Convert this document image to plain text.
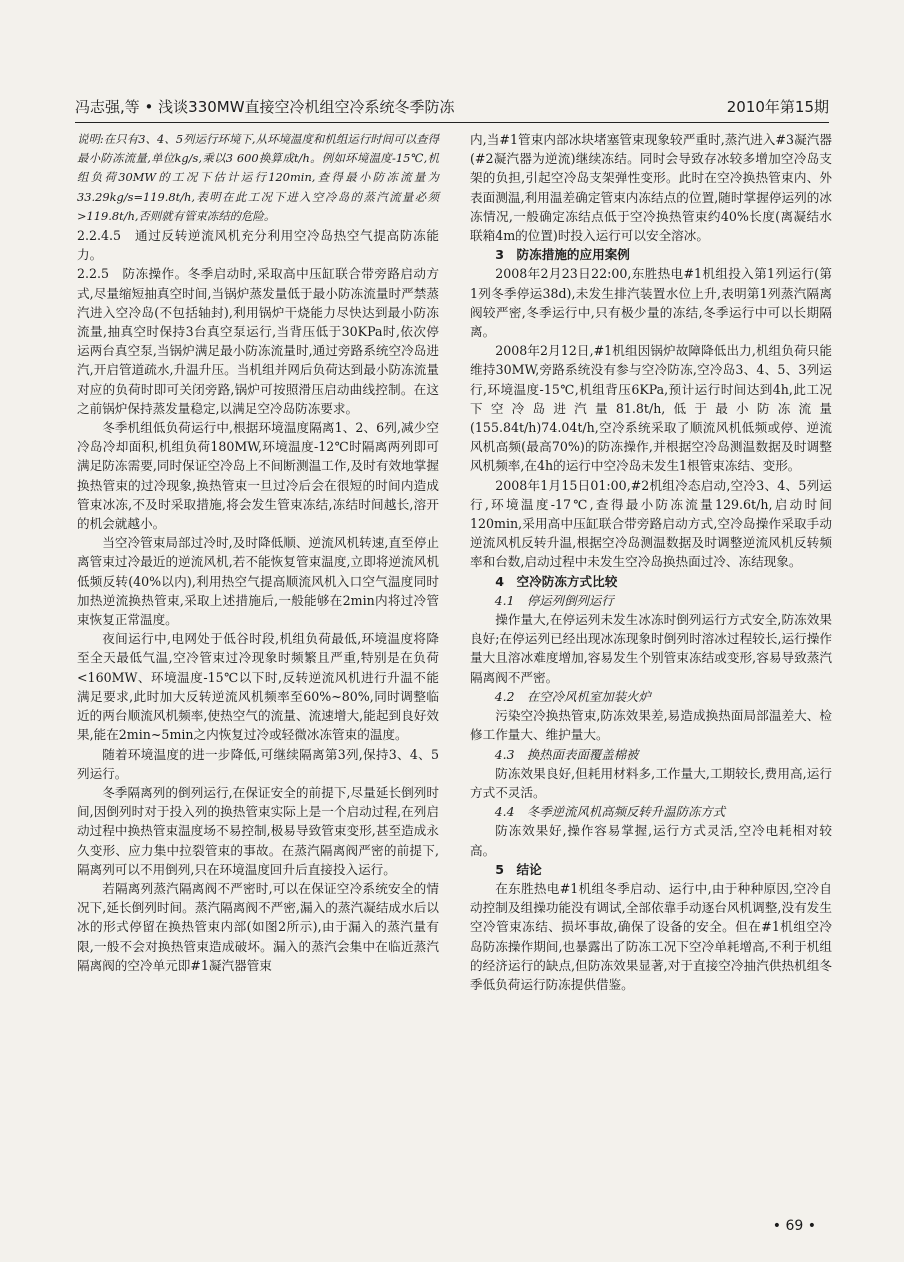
冯志强,等 • 浅谈330MW直接空冷机组空冷系统冬季防冻	2010年第15期

说明:在只有3、4、5列运行环境下,从环境温度和机组运行时间可以查得最小防冻流量,单位kg/s,乘以3 600换算成t/h。例如环境温度-15℃,机组负荷30MW的工况下估计运行120min,查得最小防冻流量为33.29kg/s=119.8t/h,表明在此工况下进入空冷岛的蒸汽流量必须>119.8t/h,否则就有管束冻结的危险。

2.2.4.5　通过反转逆流风机充分利用空冷岛热空气提高防冻能力。

2.2.5　防冻操作。冬季启动时,采取高中压缸联合带旁路启动方式,尽量缩短抽真空时间,当锅炉蒸发量低于最小防冻流量时严禁蒸汽进入空冷岛(不包括轴封),利用锅炉干烧能力尽快达到最小防冻流量,抽真空时保持3台真空泵运行,当背压低于30KPa时,依次停运两台真空泵,当锅炉满足最小防冻流量时,通过旁路系统空冷岛进汽,开启管道疏水,升温升压。当机组并网后负荷达到最小防冻流量对应的负荷时即可关闭旁路,锅炉可按照滑压启动曲线控制。在这之前锅炉保持蒸发量稳定,以满足空冷岛防冻要求。

冬季机组低负荷运行中,根据环境温度隔离1、2、6列,减少空冷岛冷却面积,机组负荷180MW,环境温度-12℃时隔离两列即可满足防冻需要,同时保证空冷岛上不间断测温工作,及时有效地掌握换热管束的过冷现象,换热管束一旦过冷后会在很短的时间内造成管束冰冻,不及时采取措施,将会发生管束冻结,冻结时间越长,溶开的机会就越小。

当空冷管束局部过冷时,及时降低顺、逆流风机转速,直至停止离管束过冷最近的逆流风机,若不能恢复管束温度,立即将逆流风机低频反转(40%以内),利用热空气提高顺流风机入口空气温度同时加热逆流换热管束,采取上述措施后,一般能够在2min内将过冷管束恢复正常温度。

夜间运行中,电网处于低谷时段,机组负荷最低,环境温度将降至全天最低气温,空冷管束过冷现象时频繁且严重,特别是在负荷<160MW、环境温度-15℃以下时,反转逆流风机进行升温不能满足要求,此时加大反转逆流风机频率至60%~80%,同时调整临近的两台顺流风机频率,使热空气的流量、流速增大,能起到良好效果,能在2min~5min之内恢复过冷或轻微冰冻管束的温度。

随着环境温度的进一步降低,可继续隔离第3列,保持3、4、5列运行。

冬季隔离列的倒列运行,在保证安全的前提下,尽量延长倒列时间,因倒列时对于投入列的换热管束实际上是一个启动过程,在列启动过程中换热管束温度场不易控制,极易导致管束变形,甚至造成永久变形、应力集中拉裂管束的事故。在蒸汽隔离阀严密的前提下,隔离列可以不用倒列,只在环境温度回升后直接投入运行。

若隔离列蒸汽隔离阀不严密时,可以在保证空冷系统安全的情况下,延长倒列时间。蒸汽隔离阀不严密,漏入的蒸汽凝结成水后以冰的形式停留在换热管束内部(如图2所示),由于漏入的蒸汽量有限,一般不会对换热管束造成破坏。漏入的蒸汽会集中在临近蒸汽隔离阀的空冷单元即#1凝汽器管束

内,当#1管束内部冰块堵塞管束现象较严重时,蒸汽进入#3凝汽器(#2凝汽器为逆流)继续冻结。同时会导致存冰较多增加空冷岛支架的负担,引起空冷岛支架弹性变形。此时在空冷换热管束内、外表面测温,利用温差确定管束内冻结点的位置,随时掌握停运列的冰冻情况,一般确定冻结点低于空冷换热管束约40%长度(离凝结水联箱4m的位置)时投入运行可以安全溶冰。

3　防冻措施的应用案例

2008年2月23日22:00,东胜热电#1机组投入第1列运行(第1列冬季停运38d),未发生排汽装置水位上升,表明第1列蒸汽隔离阀较严密,冬季运行中,只有极少量的冻结,冬季运行中可以长期隔离。

2008年2月12日,#1机组因锅炉故障降低出力,机组负荷只能维持30MW,旁路系统没有参与空冷防冻,空冷岛3、4、5、3列运行,环境温度-15℃,机组背压6KPa,预计运行时间达到4h,此工况下空冷岛进汽量81.8t/h,低于最小防冻流量(155.84t/h)74.04t/h,空冷系统采取了顺流风机低频或停、逆流风机高频(最高70%)的防冻操作,并根据空冷岛测温数据及时调整风机频率,在4h的运行中空冷岛未发生1根管束冻结、变形。

2008年1月15日01:00,#2机组冷态启动,空冷3、4、5列运行,环境温度-17℃,查得最小防冻流量129.6t/h,启动时间120min,采用高中压缸联合带旁路启动方式,空冷岛操作采取手动逆流风机反转升温,根据空冷岛测温数据及时调整逆流风机反转频率和台数,启动过程中未发生空冷岛换热面过冷、冻结现象。

4　空冷防冻方式比较

4.1　停运列倒列运行

操作量大,在停运列未发生冰冻时倒列运行方式安全,防冻效果良好;在停运列已经出现冰冻现象时倒列时溶冰过程较长,运行操作量大且溶冰难度增加,容易发生个别管束冻结或变形,容易导致蒸汽隔离阀不严密。

4.2　在空冷风机室加装火炉

污染空冷换热管束,防冻效果差,易造成换热面局部温差大、检修工作量大、维护量大。

4.3　换热面表面覆盖棉被

防冻效果良好,但耗用材料多,工作量大,工期较长,费用高,运行方式不灵活。

4.4　冬季逆流风机高频反转升温防冻方式

防冻效果好,操作容易掌握,运行方式灵活,空冷电耗相对较高。

5　结论

在东胜热电#1机组冬季启动、运行中,由于种种原因,空冷自动控制及组操功能没有调试,全部依靠手动逐台风机调整,没有发生空冷管束冻结、损坏事故,确保了设备的安全。但在#1机组空冷岛防冻操作期间,也暴露出了防冻工况下空冷单耗增高,不利于机组的经济运行的缺点,但防冻效果显著,对于直接空冷抽汽供热机组冬季低负荷运行防冻提供借鉴。

• 69 •
